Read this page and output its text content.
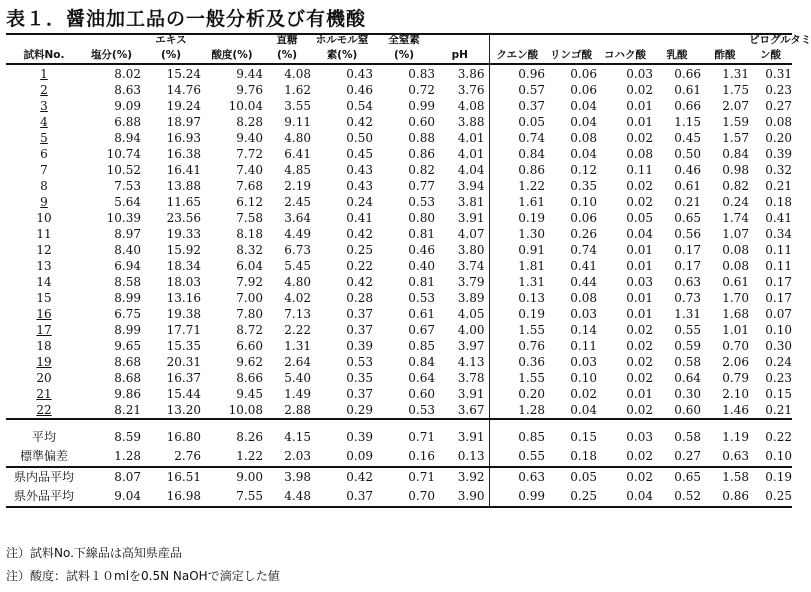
表１．醤油加工品の一般分析及び有機酸
		エキス		直糖	ホルモル窒	全窒素							ピログルタミ
試料No.	塩分(%)	(%)	酸度(%)	(%)	素(%)	(%)	pH	クエン酸	リンゴ酸	コハク酸	乳酸	酢酸	ン酸
1	8.02	15.24	9.44	4.08	0.43	0.83	3.86	0.96	0.06	0.03	0.66	1.31	0.31
2	8.63	14.76	9.76	1.62	0.46	0.72	3.76	0.57	0.06	0.02	0.61	1.75	0.23
3	9.09	19.24	10.04	3.55	0.54	0.99	4.08	0.37	0.04	0.01	0.66	2.07	0.27
4	6.88	18.97	8.28	9.11	0.42	0.60	3.88	0.05	0.04	0.01	1.15	1.59	0.08
5	8.94	16.93	9.40	4.80	0.50	0.88	4.01	0.74	0.08	0.02	0.45	1.57	0.20
6	10.74	16.38	7.72	6.41	0.45	0.86	4.01	0.84	0.04	0.08	0.50	0.84	0.39
7	10.52	16.41	7.40	4.85	0.43	0.82	4.04	0.86	0.12	0.11	0.46	0.98	0.32
8	7.53	13.88	7.68	2.19	0.43	0.77	3.94	1.22	0.35	0.02	0.61	0.82	0.21
9	5.64	11.65	6.12	2.45	0.24	0.53	3.81	1.61	0.10	0.02	0.21	0.24	0.18
10	10.39	23.56	7.58	3.64	0.41	0.80	3.91	0.19	0.06	0.05	0.65	1.74	0.41
11	8.97	19.33	8.18	4.49	0.42	0.81	4.07	1.30	0.26	0.04	0.56	1.07	0.34
12	8.40	15.92	8.32	6.73	0.25	0.46	3.80	0.91	0.74	0.01	0.17	0.08	0.11
13	6.94	18.34	6.04	5.45	0.22	0.40	3.74	1.81	0.41	0.01	0.17	0.08	0.11
14	8.58	18.03	7.92	4.80	0.42	0.81	3.79	1.31	0.44	0.03	0.63	0.61	0.17
15	8.99	13.16	7.00	4.02	0.28	0.53	3.89	0.13	0.08	0.01	0.73	1.70	0.17
16	6.75	19.38	7.80	7.13	0.37	0.61	4.05	0.19	0.03	0.01	1.31	1.68	0.07
17	8.99	17.71	8.72	2.22	0.37	0.67	4.00	1.55	0.14	0.02	0.55	1.01	0.10
18	9.65	15.35	6.60	1.31	0.39	0.85	3.97	0.76	0.11	0.02	0.59	0.70	0.30
19	8.68	20.31	9.62	2.64	0.53	0.84	4.13	0.36	0.03	0.02	0.58	2.06	0.24
20	8.68	16.37	8.66	5.40	0.35	0.64	3.78	1.55	0.10	0.02	0.64	0.79	0.23
21	9.86	15.44	9.45	1.49	0.37	0.60	3.91	0.20	0.02	0.01	0.30	2.10	0.15
22	8.21	13.20	10.08	2.88	0.29	0.53	3.67	1.28	0.04	0.02	0.60	1.46	0.21

平均	8.59	16.80	8.26	4.15	0.39	0.71	3.91	0.85	0.15	0.03	0.58	1.19	0.22
標準偏差	1.28	2.76	1.22	2.03	0.09	0.16	0.13	0.55	0.18	0.02	0.27	0.63	0.10
県内品平均	8.07	16.51	9.00	3.98	0.42	0.71	3.92	0.63	0.05	0.02	0.65	1.58	0.19
県外品平均	9.04	16.98	7.55	4.48	0.37	0.70	3.90	0.99	0.25	0.04	0.52	0.86	0.25
注）試料No.下線品は高知県産品
注）酸度：試料１０mlを0.5N NaOHで滴定した値
